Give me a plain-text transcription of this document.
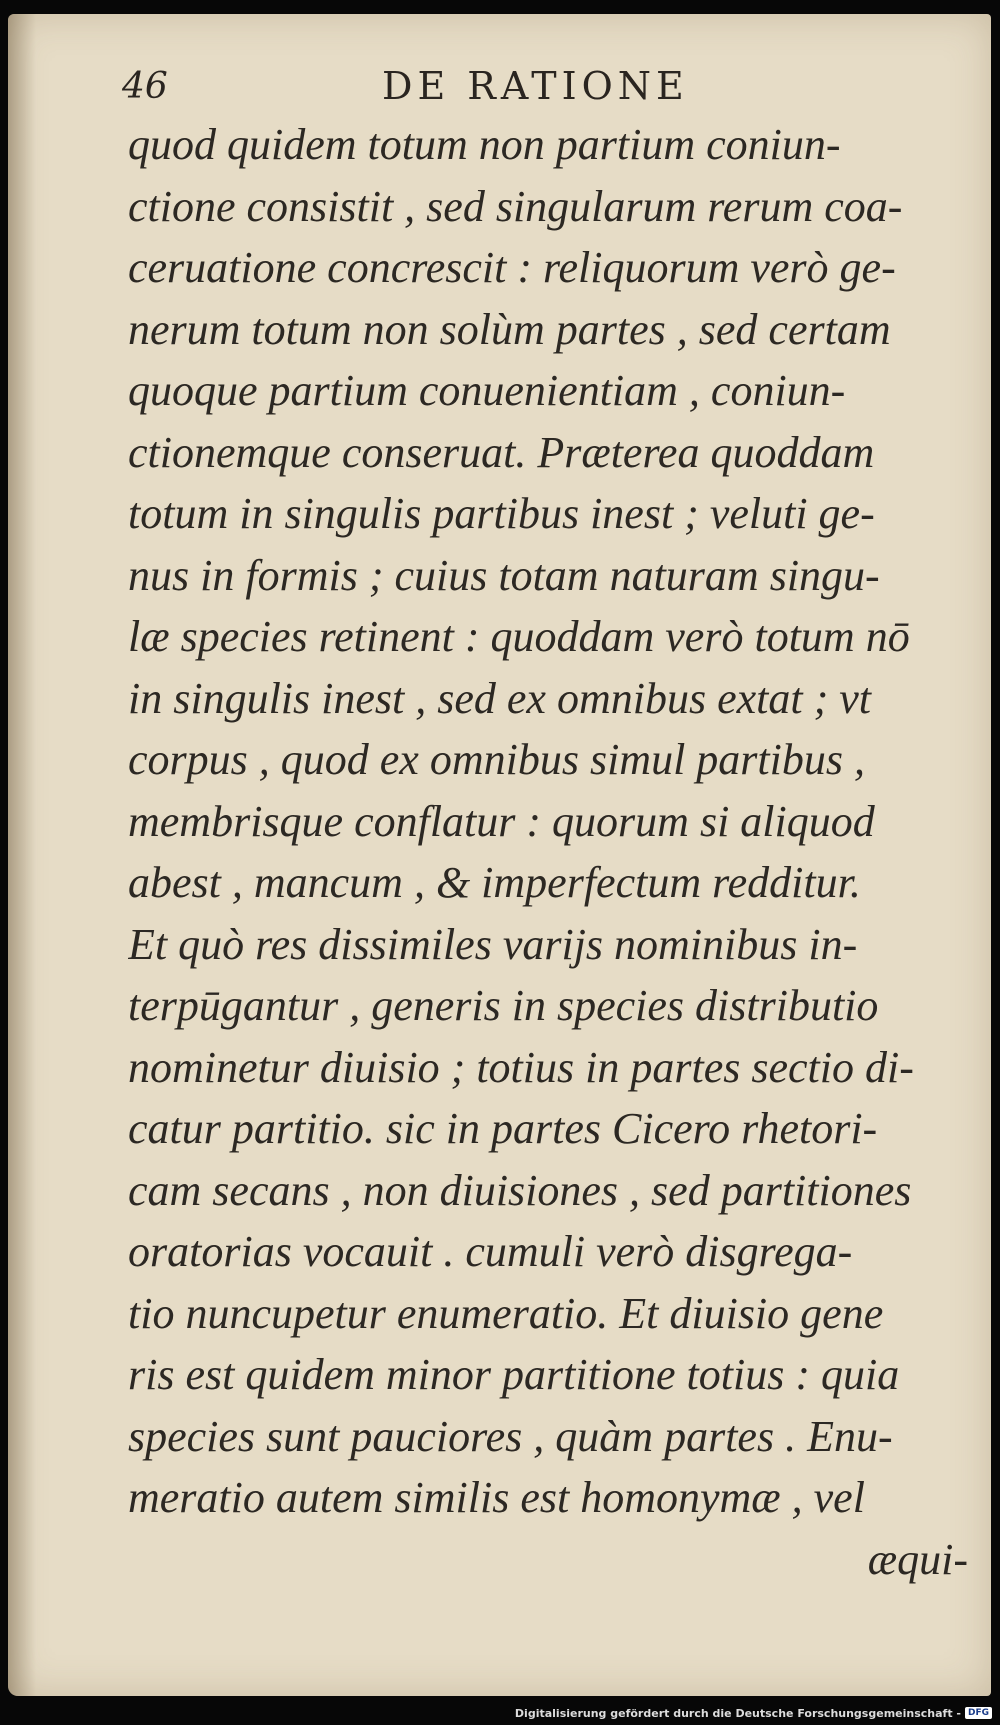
46	DE RATIONE
quod quidem totum non partium coniun-
ctione consistit , sed singularum rerum coa-
ceruatione concrescit : reliquorum verò ge-
nerum totum non solùm partes , sed certam
quoque partium conuenientiam , coniun-
ctionemque conseruat. Præterea quoddam
totum in singulis partibus inest ; veluti ge-
nus in formis ; cuius totam naturam singu-
læ species retinent : quoddam verò totum nō
in singulis inest , sed ex omnibus extat ; vt
corpus , quod ex omnibus simul partibus ,
membrisque conflatur : quorum si aliquod
abest , mancum , & imperfectum redditur.
Et quò res dissimiles varijs nominibus in-
terpūgantur , generis in species distributio
nominetur diuisio ; totius in partes sectio di-
catur partitio. sic in partes Cicero rhetori-
cam secans , non diuisiones , sed partitiones
oratorias vocauit . cumuli verò disgrega-
tio nuncupetur enumeratio. Et diuisio gene
ris est quidem minor partitione totius : quia
species sunt pauciores , quàm partes . Enu-
meratio autem similis est homonymæ , vel
æqui-
Digitalisierung gefördert durch die Deutsche Forschungsgemeinschaft - DFG
